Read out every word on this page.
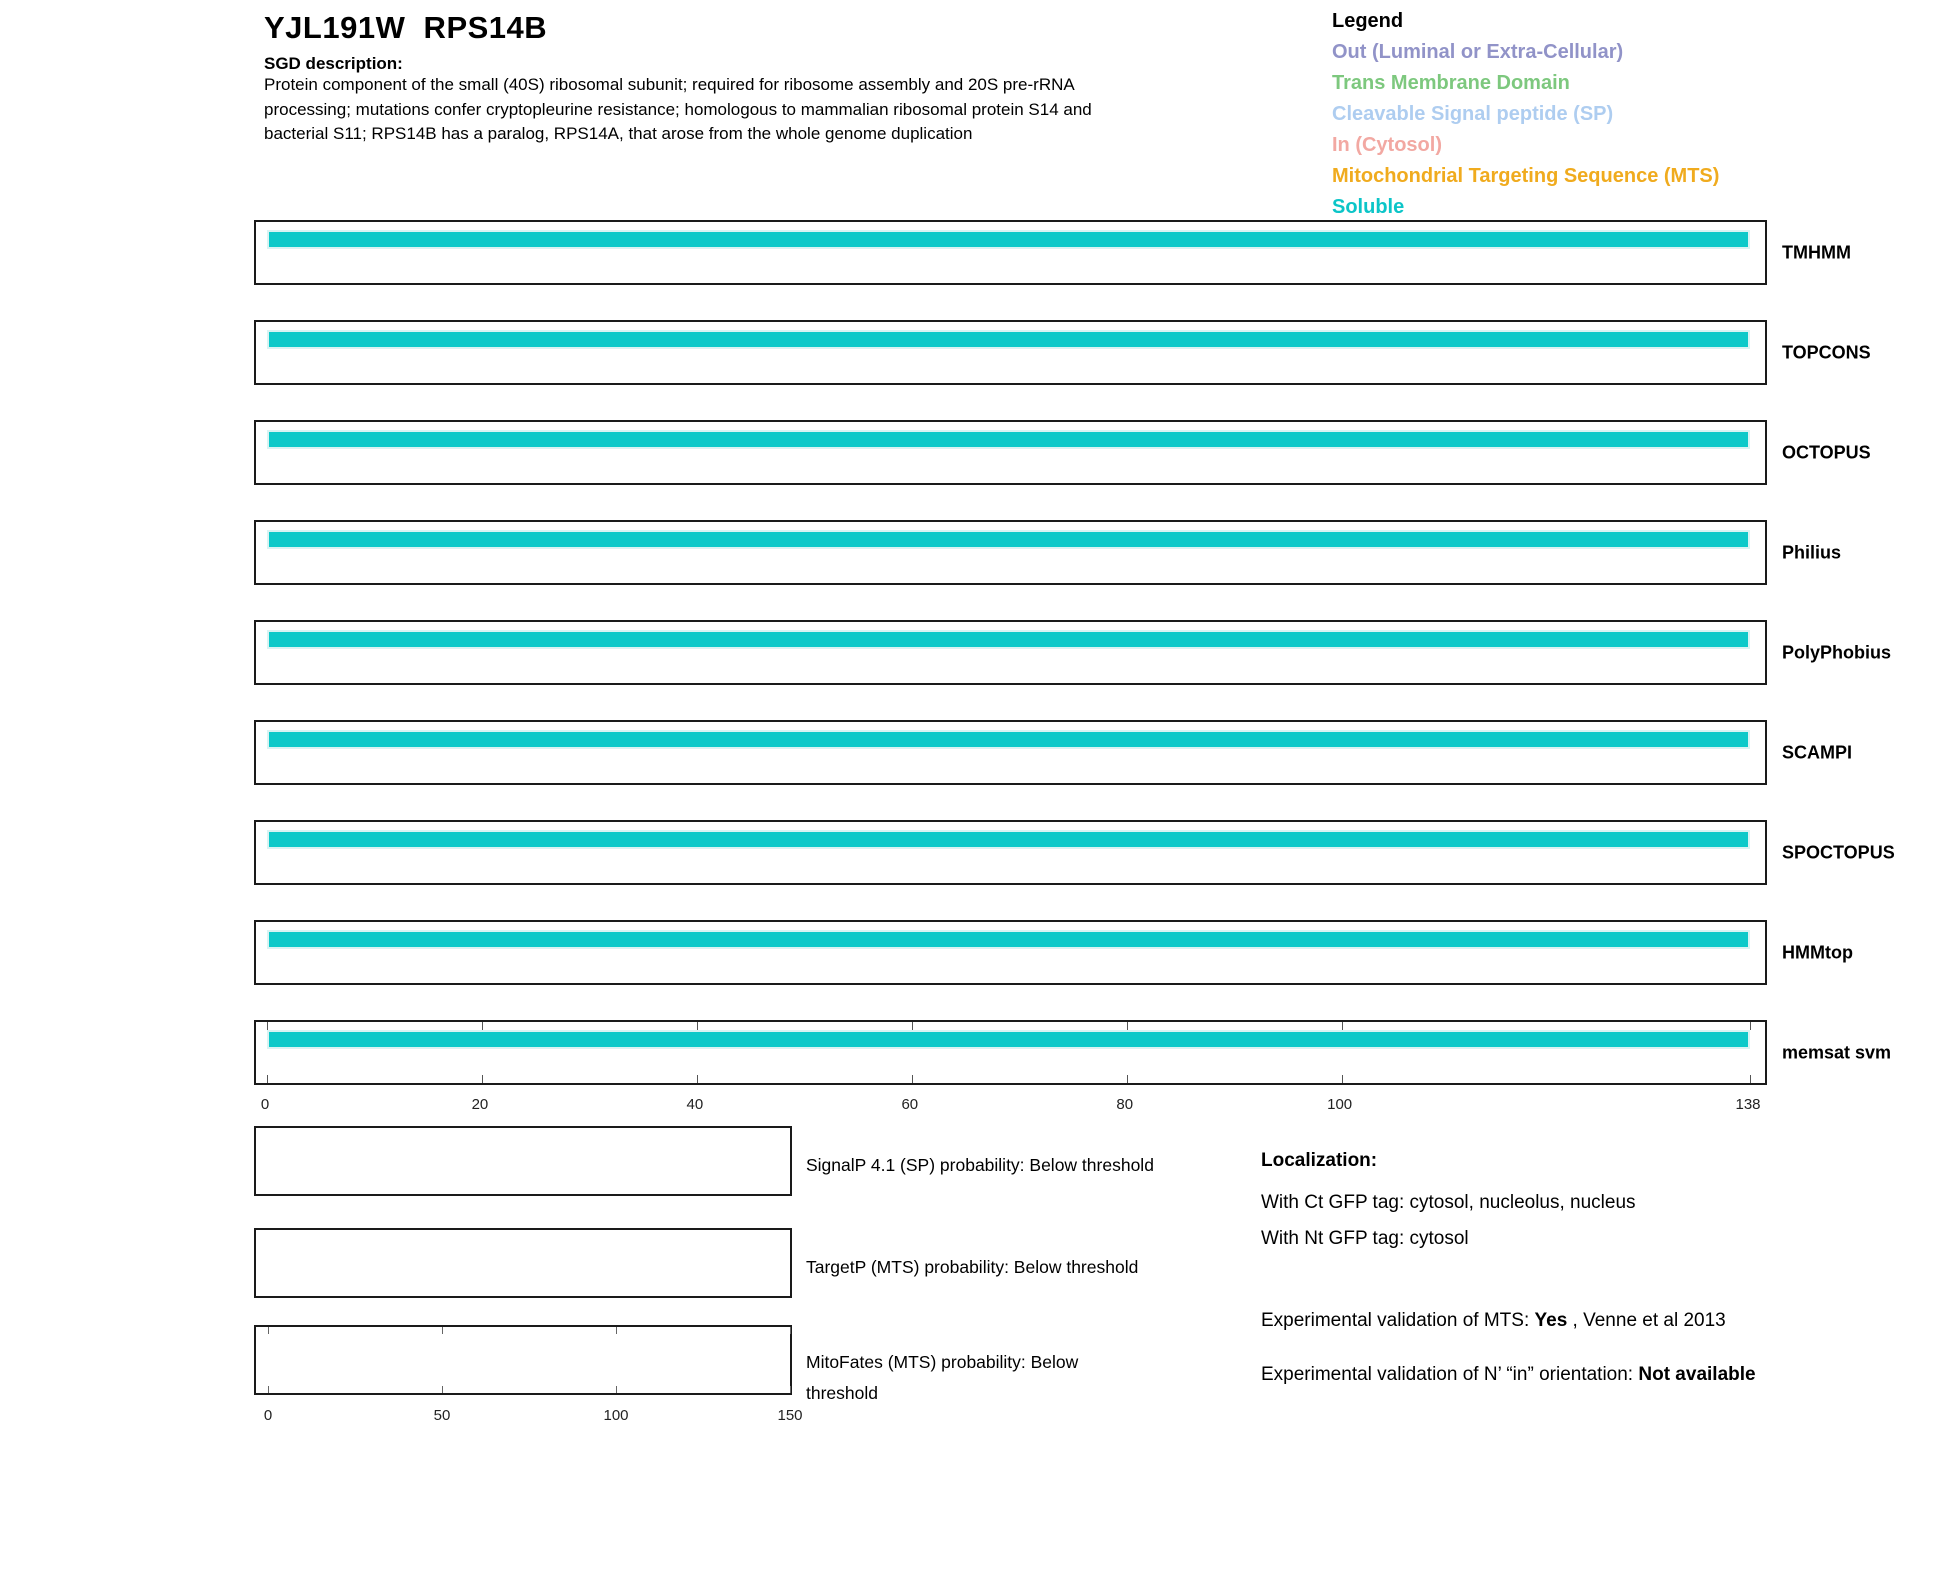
YJL191W  RPS14B
SGD description:
Protein component of the small (40S) ribosomal subunit; required for ribosome assembly and 20S pre-rRNA processing; mutations confer cryptopleurine resistance; homologous to mammalian ribosomal protein S14 and bacterial S11; RPS14B has a paralog, RPS14A, that arose from the whole genome duplication
Legend
Out (Luminal or Extra-Cellular)
Trans Membrane Domain
Cleavable Signal peptide (SP)
In (Cytosol)
Mitochondrial Targeting Sequence (MTS)
Soluble
TMHMM
TOPCONS
OCTOPUS
Philius
PolyPhobius
SCAMPI
SPOCTOPUS
HMMtop
memsat svm
0	20	40	60	80	100	138
SignalP 4.1 (SP) probability: Below threshold
TargetP (MTS) probability: Below threshold
MitoFates (MTS) probability: Below threshold
0	50	100	150

Localization:

With Ct GFP tag: cytosol, nucleolus, nucleus

With Nt GFP tag: cytosol

Experimental validation of MTS: Yes , Venne et al 2013

Experimental validation of N’ “in” orientation: Not available
